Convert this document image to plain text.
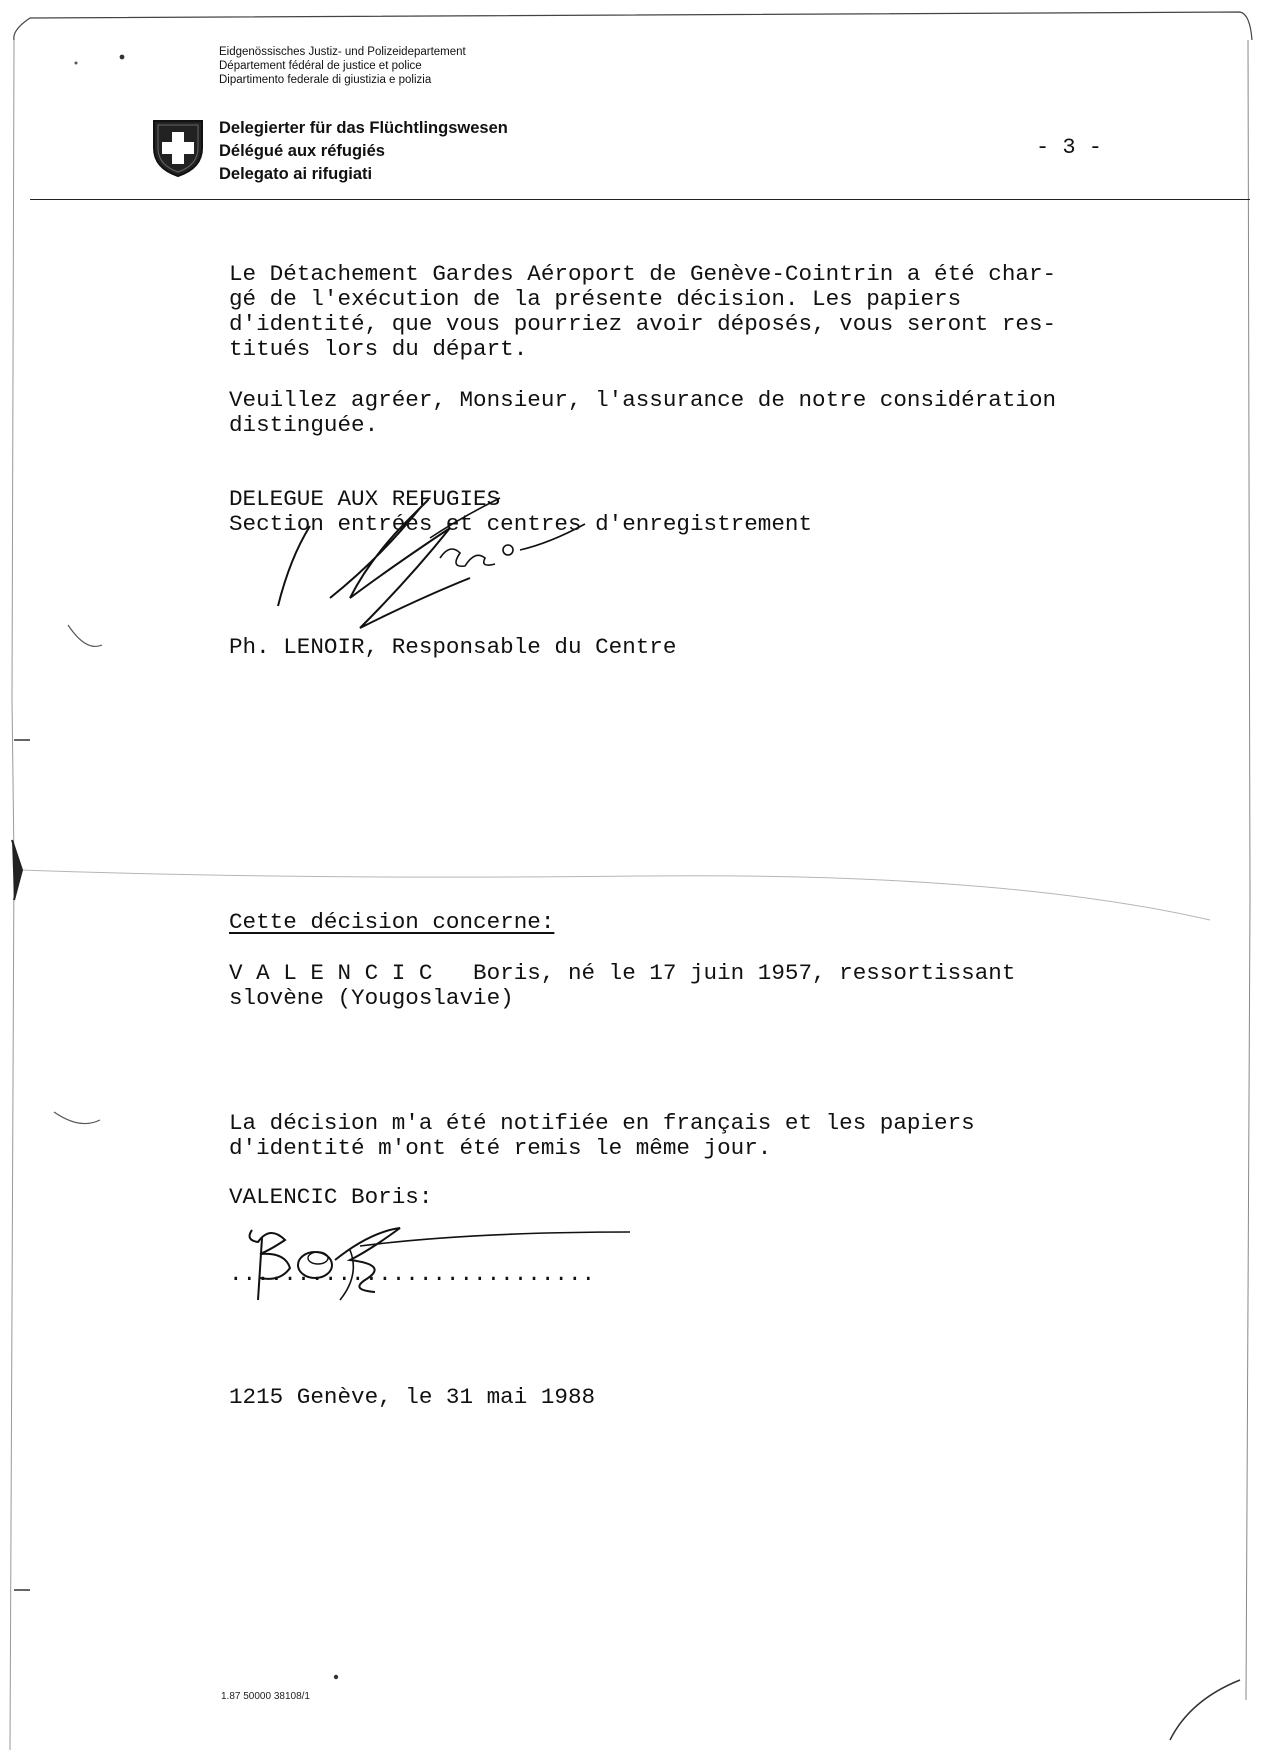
Eidgenössisches Justiz- und Polizeidepartement
Département fédéral de justice et police
Dipartimento federale di giustizia e polizia
Delegierter für das Flüchtlingswesen
Délégué aux réfugiés
Delegato ai rifugiati
- 3 -
Le Détachement Gardes Aéroport de Genève-Cointrin a été char-
gé de l'exécution de la présente décision. Les papiers
d'identité, que vous pourriez avoir déposés, vous seront res-
titués lors du départ.
Veuillez agréer, Monsieur, l'assurance de notre considération
distinguée.
DELEGUE AUX REFUGIES
Section entrées et centres d'enregistrement
Ph. LENOIR, Responsable du Centre
Cette décision concerne:
V A L E N C I C   Boris, né le 17 juin 1957, ressortissant
slovène (Yougoslavie)
La décision m'a été notifiée en français et les papiers
d'identité m'ont été remis le même jour.
VALENCIC Boris:
...........................
1215 Genève, le 31 mai 1988
1.87 50000 38108/1
